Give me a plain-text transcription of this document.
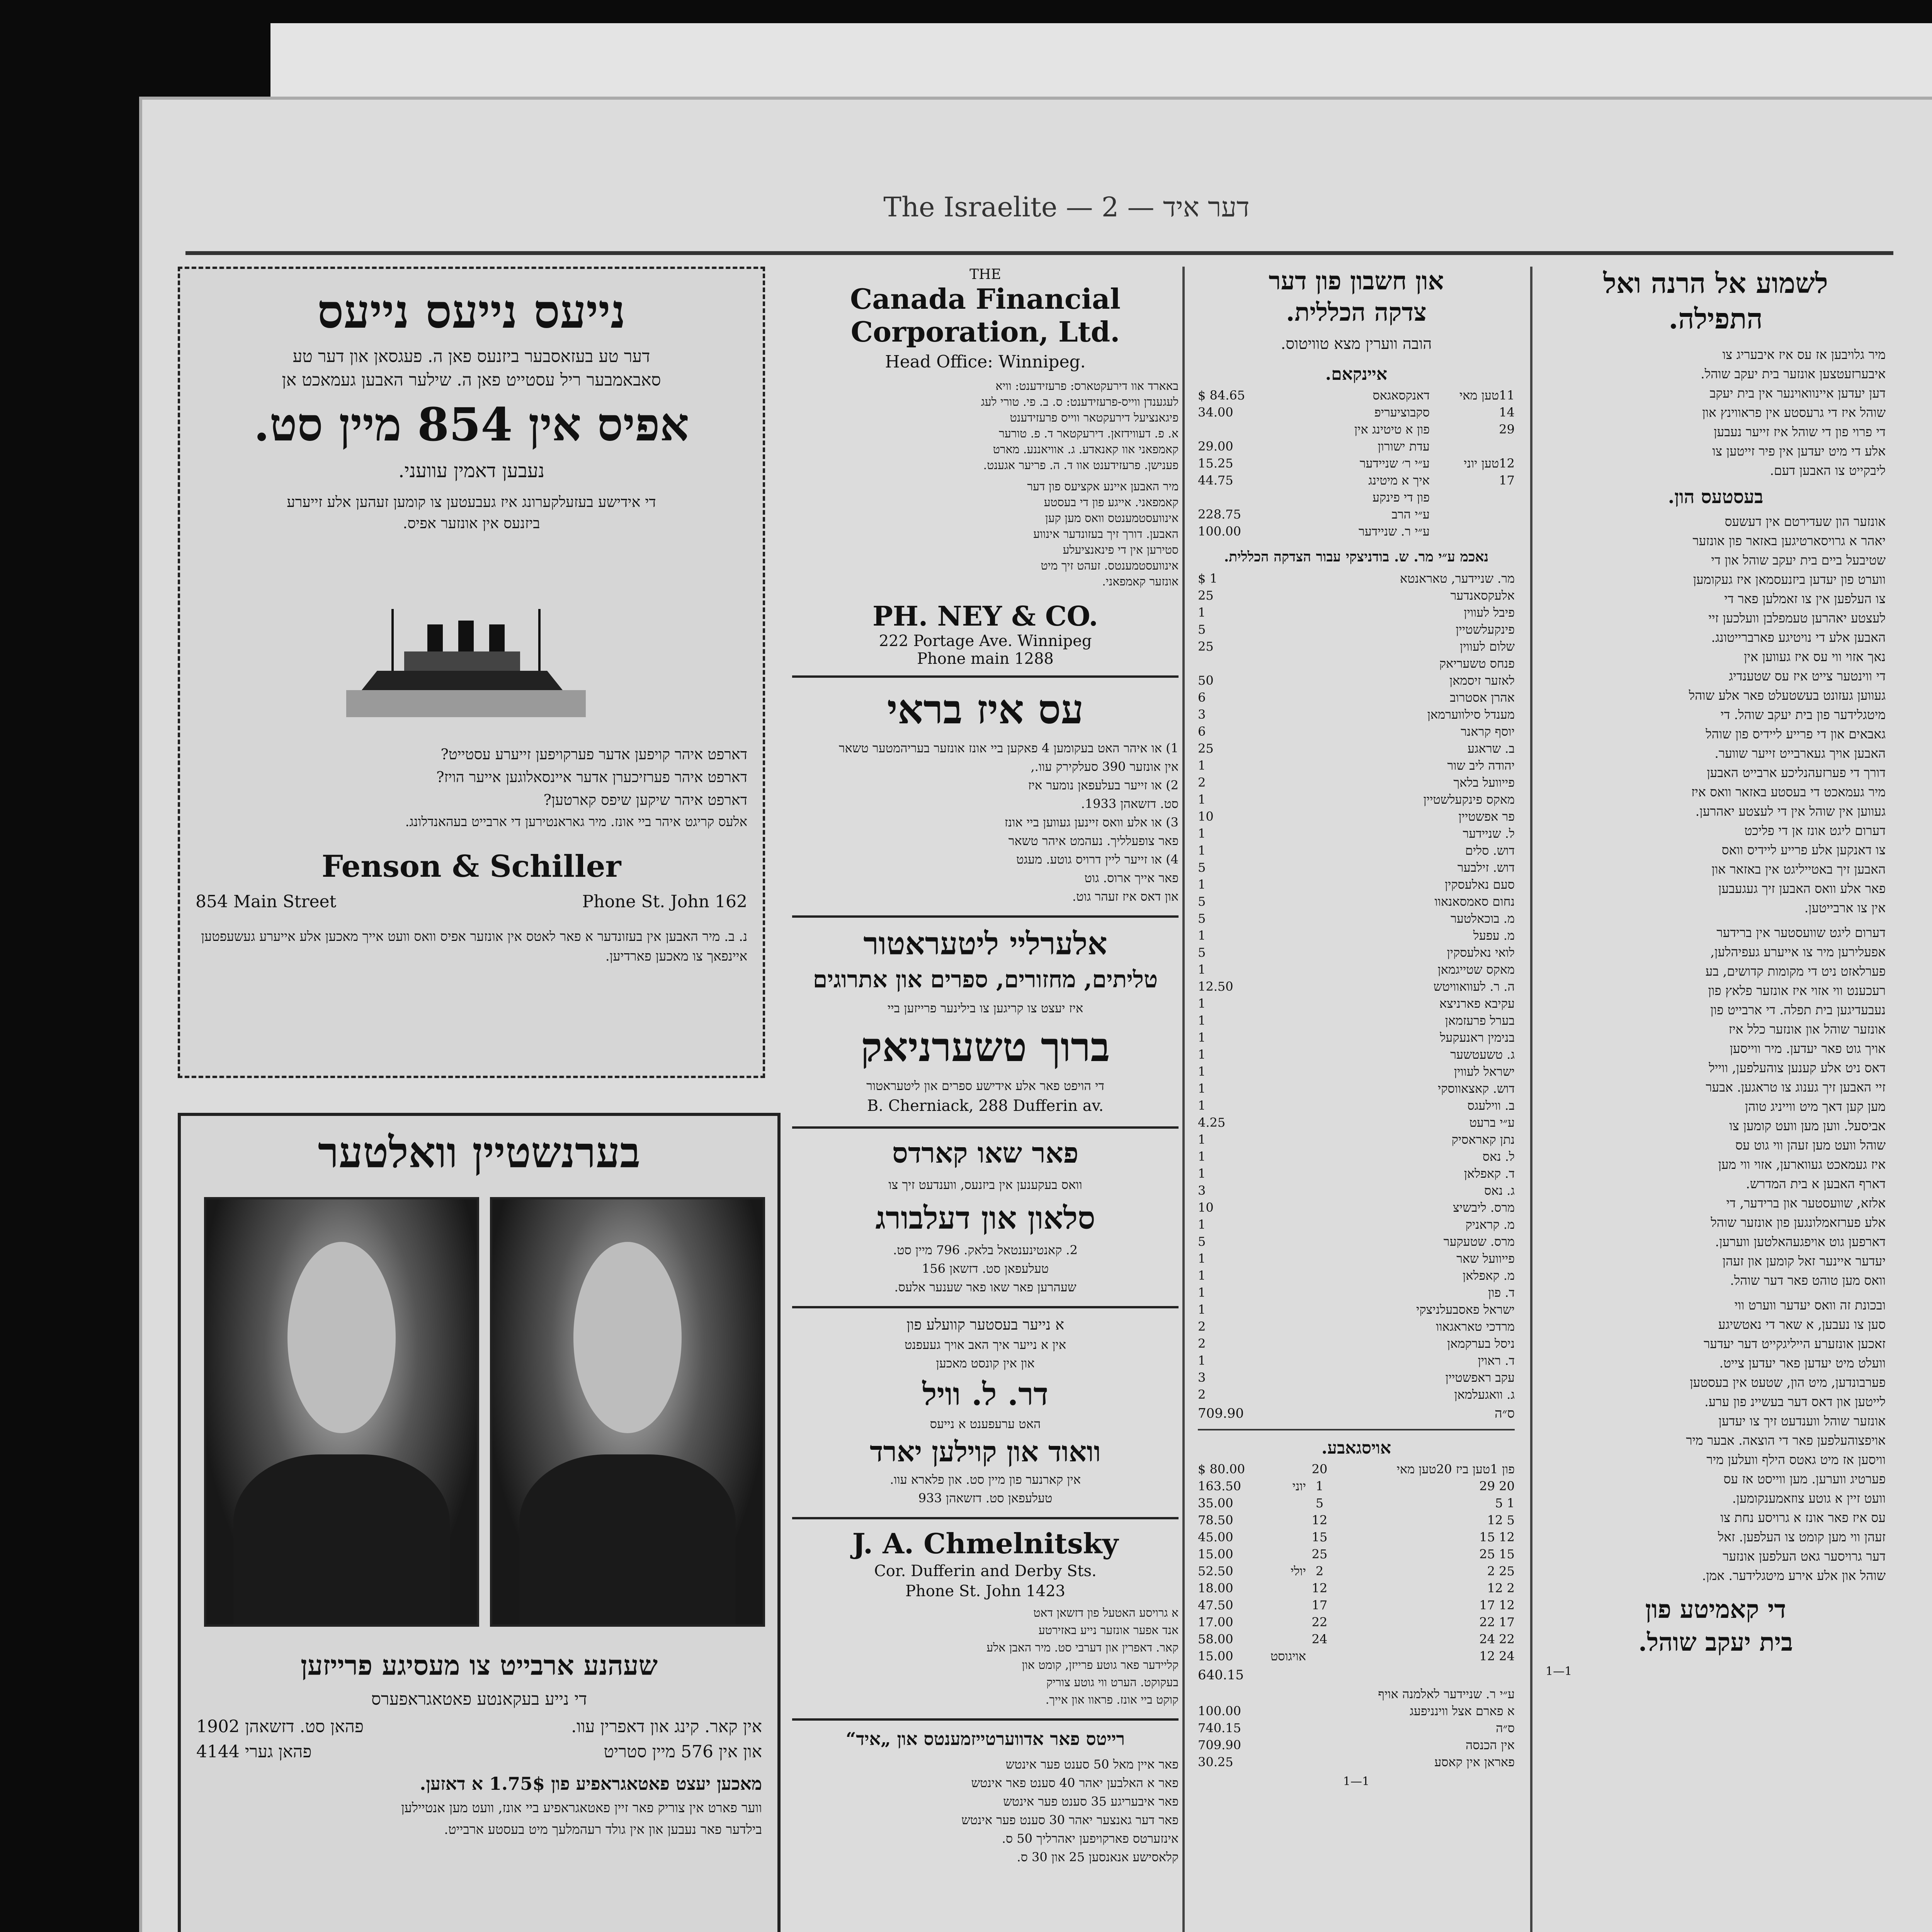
The Israelite — 2 — דער איד
נייעס נייעס נייעס
דער טע בעזאסבער ביזנעס פאן ה. פעגסאן און דער טע
סאבאמבער ריל עסטייט פאן ה. שילער האבען געמאכט אן
אפיס אין 854 מיין סט.
נעבען דאמין עוועני.
די אידישע בעזעלקערונג איז געבעטען צו קומען זעהען אלע זייערע
ביזנעס אין אונזער אפיס.
דארפט איהר קויפען אדער פערקויפען זייערע עסטייט?
דארפט איהר פערזיכערן אדער איינסאלוגען אייער הויז?
דארפט איהר שיקען שיפס קארטען?
אלעס קריגט איהר ביי אונז. מיר גאראנטירען די ארבייט בעהאנדלונג.
Fenson & Schiller
854 Main Street	Phone St. John 162
נ. ב. מיר האבען אין בעזונדער א פאר לאטס אין אונזער אפיס וואס וועט אייך מאכען אלע אייערע געשעפטען איינפאך צו מאכען פארדיען.
בערנשטיין וואלטער
שעהנע ארבייט צו מעסיגע פרייזען
די נייע בעקאנטע פאטאגראפערס
אין קאר. קינג און דאפרין עוו.
פהאן סט. דזשאהן 1902
און אין 576 מיין סטריט
פהאן גערי 4144
מאכען יעצט פאטאגראפיע פון 1.75$ א דאזען.
ווער פארט אין צוריק פאר זיין פאטאגראפיע ביי אונז, וועט מען אנטיילען
בילדער פאר נעבען און אין גולד רעהמלעך מיט בעסטע ארבייט.
THE
Canada Financial
Corporation, Ltd.
Head Office: Winnipeg.
באארד אוו דירעקטארס: פרעזידענט: וויא
לעגענדן ווייס-פרעזידענט: ס. ב. פי. טורי לעג
פיגאנציעל דירעקטאר ווייס פרעזידענט
א. פ. דעווידזאן. דירעקטאר ד. פ. טורער
קאמפאני אוו קאנאדע. ג. אוויאננע. מארט
פענישן. פרעזידענט אוו ד. ה. פריער אגענט.
מיר האבען איינע אקציעס פון דער
קאמפאני. אייגע פון די בעסטע
אינוועסטמענטס וואס מען קען
האבען. דורך זיך בעזונדער אינווע
סטירען אין די פינאנציעלע
אינוועסטמענטס. זעהט זיך מיט
אונזער קאמפאני.
PH. NEY & CO.
222 Portage Ave. Winnipeg
Phone main 1288
עס איז בראי
1) או איהר האט בעקומען 4 פאקען ביי אונז אונזער בעריהמטער טשאר
אין אונזער 390 סעלקירק עוו.,
2) או זייער בעלעפאן נומער איז
סט. דזשאהן 1933.
3) או אלע וואס זיינען געווען ביי אונז
פאר צופעלליך. נעהמט איהר טשאר
4) או זייער ליין דרויס גוטע. מעגט
פאר אייך ארוס. גוט
און דאס איז זעהר גוט.
אלערליי ליטעראטור
טליתים, מחזורים, ספרים און אתרוגים
איז יעצט צו קריגען צו בילינער פרייזען ביי
ברוך טשערניאק
די הויפט פאר אלע אידישע ספרים און ליטעראטור
B. Cherniack, 288 Dufferin av.
פאר שאו קארדס
וואס בעקענען אין ביזנעס, ווענדעט זיך צו
סלאון און דעלבורג
2. קאנטינענטאל בלאק. 796 מיין סט.
טעלעפאן סט. דזשאן 156
שעהרען פאר שאו פאר שענער אלעס.
א נייער בעסטער קוועלע פון
אין א נייער איך האב אויך געעפנט
און אין קונסט מאכען
דר. ל. וויל
האט ערעפענט א נייעס
וואוד און קוילען יארד
אין קארנער פון מיין סט. און פלארא עוו.
טעלעפאן סט. דזשאהן 933
J. A. Chmelnitsky
Cor. Dufferin and Derby Sts.
Phone St. John 1423
א גרויסע האטעל פון דזשאן דאט
אנד אפער אונזער נייע באזירטע
קאר. דאפרין און דערבי סט. מיר האבן אלע
קליידער פאר גוטע פרייזן, קומט און
בעקוקט. הערט ווי גוטע צוריק
קוקט ביי אונז. פראוו און אייך.
רייטס פאר אדווערטייזמענטס און „איד“
פאר איין מאל 50 סענט פער אינטש
פאר א האלבען יאהר 40 סענט פאר אינטש
פאר איבעריגע 35 סענט פער אינטש
פאר דער גאנצער יאהר 30 סענט פער אינטש
אינזערטס פארקויפען יאהרליך 50 ס.
קלאסישע אנאנסען 25 און 30 ס.
און חשבון פון דער
צדקה הכללית.
הובה ווערין מצא טוויטוס.
איינקאם.
$ 84.65	דאנקסאגאס	11טען מאי
34.00	סקבוציעריפ	14
פון א טיטינג אין	29
29.00	עדת ישורון
15.25	ע״י ר׳ שניידער	12טען יוני
44.75	איך א מיטינג	17
פון די פינקע
228.75	ע״י הרב
100.00	ע״י ר. שניידער
נאכמ ע״י מר. ש. בודניצקי עבור הצדקה הכללית.
$ 1	מר. שניידער, טאראנטא
25	אלעקסאנדער
1	פיבל לעווין
5	פינקעלשטיין
25	שלום לעווין
פנחס טשעריאק
50	לאזער זיסמאן
6	אהרן אסטרוב
3	מענדל סילווערמאן
6	יוסף קראנר
25	ב. שראגע
1	יהודה ליב שור
2	פייוועל בלאך
1	מאקס פינקעלשטיין
10	פר אפשטיין
1	ל. שניידער
1	דוש. סלים
5	דוש. זילבער
1	סעם נאלעסקין
5	נחום סאמסאנאוו
5	מ. בוכאלטער
1	מ. עפעל
5	לואי נאלעסקין
1	מאקס שטייגמאן
12.50	ה. ר. לעוואוויטש
1	עקיבא פארניצא
1	בערל פרעזמאן
1	בנימין ראנעקעל
1	ג. טשעטשער
1	ישראל לעווין
1	דוש. קאצאווסקי
1	ב. ווילעגס
4.25	ע״י ברעט
1	נתן קאראסיק
1	ל. נאס
1	ד. קאפלאן
3	ג. נאס
10	מרס. ליבשיצ
1	מ. קראניק
5	מרס. שטעקער
1	פייוועל שאר
1	מ. קאפלאן
1	ד. פון
1	ישראל פאסבעלניצקי
2	מרדכי טאראגאוו
2	ניסל בערקמאן
1	ד. ראוין
3	עקב ראפשטיין
2	ג. וואגעלמאן
709.90	ס״ה
אויסגאבע.
$ 80.00	20	פון 1טען ביז 20טען מאי
163.50	יוני 1	20 29
35.00	5	1 5
78.50	12	5 12
45.00	15	12 15
15.00	25	15 25
52.50	יולי 2	25 2
18.00	12	2 12
47.50	17	12 17
17.00	22	17 22
58.00	24	22 24
15.00	אויגוסט	24 12
640.15
ע״י ר. שניידער לאלמנה אויף
100.00	א פארם אצל ווינניפעג
740.15	ס״ה
709.90	אין הכנסה
30.25	פאראן אין קאסע
1—1
לשמוע אל הרנה ואל
התפילה.
מיר גלויבען אז עס איז איבעריג צו
איבערזעטצען אונזער בית יעקב שוהל.
דען יעדען איינוואוינער אין בית יעקב
שוהל איז די גרעסטע אין פראווינץ און
די פרוי פון די שוהל איז זייער נעבען
אלע די מיט יעדען אין פיר זייטען צו
ליבקייט צו האבען דעם.
בעסטעס הון.
אונזער הון שעדירטם אין דעשעס
יאהר א גרויסארטיגען באזאר פון אונזער
שטיבעל ביים בית יעקב שוהל און די
ווערט פון יעדען ביזנעסמאן איז געקומען
צו העלפען אין צו זאמלען פאר די
לעצטע יאהרען טעמפלבן וועלכען זיי
האבען אלע די נויטיגע פארברייטונג.
נאך אזוי ווי עס איז געווען אין
די ווינטער צייט איז עס שטענדיג
געווען געזונט בעשטעלט פאר אלע שוהל
מיטגלידער פון בית יעקב שוהל. די
גאבאים און די פרייע ליידיס פון שוהל
האבען אויך געארבייט זייער שווער.
דורך די פערזעהנליכע ארבייט האבען
מיר געמאכט די בעסטע באזאר וואס איז
געווען אין שוהל אין די לעצטע יאהרען.
דערום ליגט אונז אן די פליכט
צו דאנקען אלע פרייע ליידיס וואס
האבען זיך באטייליגט אין באזאר און
פאר אלע וואס האבען זיך געגעבען
אין צו ארבייטען.
דערום ליגט שוועסטער אין ברידער
אפעלירען מיר צו אייערע געפיהלען,
פערלאזט ניט די מקומות קדושים, בע
רעכענט ווי אזוי איז אונזער פלאץ פון
נעבעדיגען בית תפלה. די ארבייט פון
אונזער שוהל און אונזער כלל איז
אויך גוט פאר יעדען. מיר ווייסען
דאס ניט אלע קענען צוהעלפען, ווייל
זיי האבען זיך גענוג צו טראגען. אבער
מען קען דאך מיט ווייניג טוהן
אביסעל. ווען מען וועט קומען צו
שוהל וועט מען זעהן ווי גוט עס
איז געמאכט געווארען, אזוי ווי מען
דארף האבען א בית המדרש.
אלזא, שוועסטער און ברידער, די
אלע פערזאמלונגען פון אונזער שוהל
דארפען גוט אויפגעהאלטען ווערען.
יעדער איינער זאל קומען און זעהן
וואס מען טוהט פאר דער שוהל.
ובכונת זה וואס יעדער ווערט ווי
סען צו נעבען, א שאר די נאטשיגע
זאכען אונזערע הייליגקייט דער יעדער
וועלט מיט יעדען פאר יעדען צייט.
פערבונדען, מיט הון, שטעט אין בעסטען
לייטען און דאס דער בעשיינ פון ערע.
אונזער שוהל ווענדעט זיך צו יעדען
אויפצוהעלפען פאר די הוצאה. אבער מיר
וויסען אז מיט גאטס הילף וועלען מיר
פערטיג ווערען. מען ווייסט אז עס
וועט זיין א גוטע צוזאמענקומען.
עס איז פאר אונז א גרויסע נחת צו
זעהן ווי מען קומט צו העלפען. זאל
דער גרויסער גאט העלפען אונזער
שוהל און אלע אירע מיטגלידער. אמן.
די קאמיטע פון
בית יעקב שוהל.
1—1
